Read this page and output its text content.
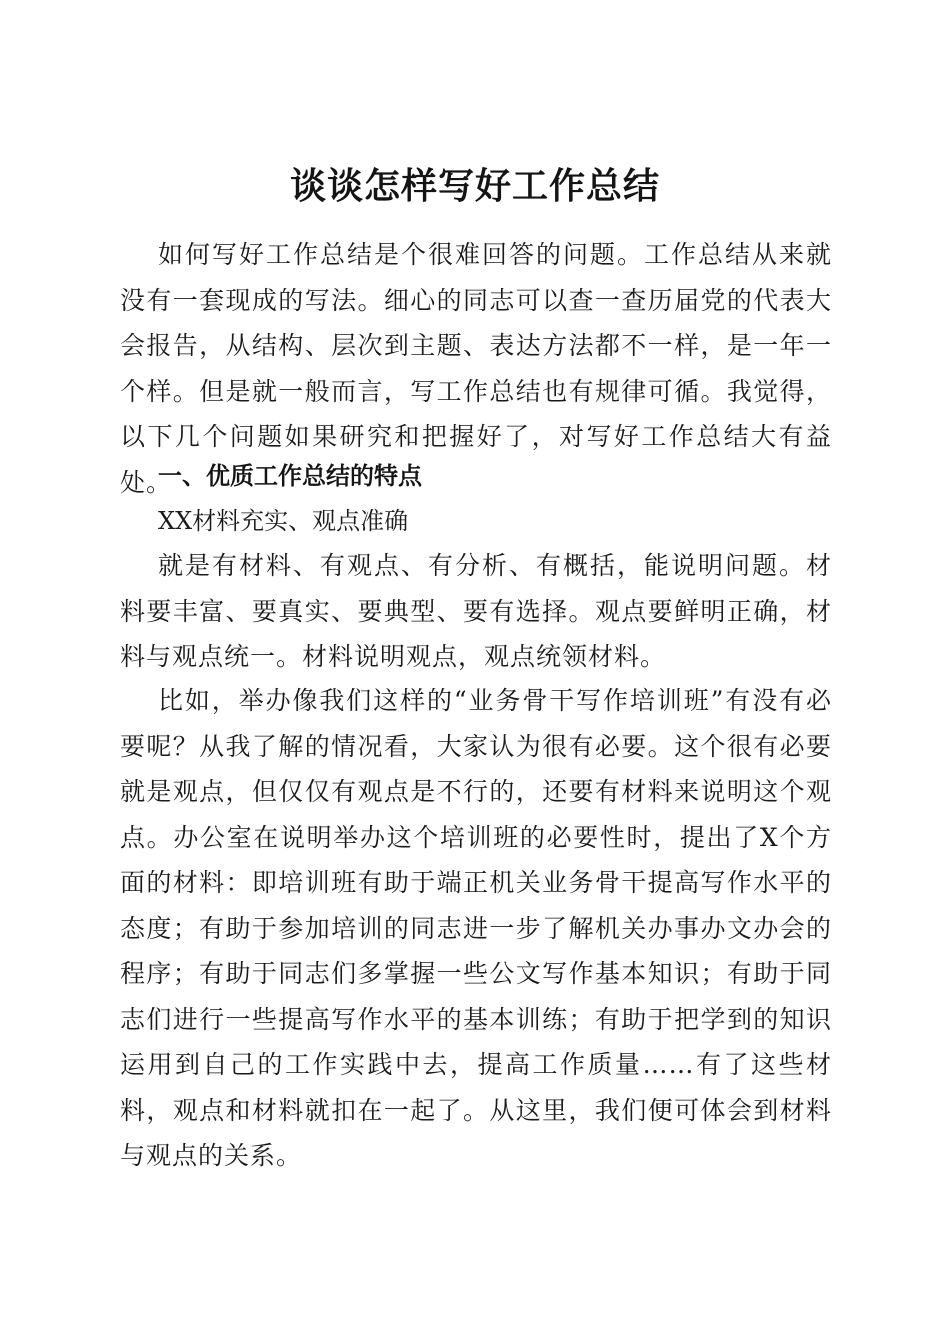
谈谈怎样写好工作总结

如何写好工作总结是个很难回答的问题。工作总结从来就没有一套现成的写法。细心的同志可以查一查历届党的代表大会报告，从结构、层次到主题、表达方法都不一样，是一年一个样。但是就一般而言，写工作总结也有规律可循。我觉得，以下几个问题如果研究和把握好了，对写好工作总结大有益处。

一、优质工作总结的特点

XX材料充实、观点准确

就是有材料、有观点、有分析、有概括，能说明问题。材料要丰富、要真实、要典型、要有选择。观点要鲜明正确，材料与观点统一。材料说明观点，观点统领材料。

比如，举办像我们这样的“业务骨干写作培训班”有没有必要呢？从我了解的情况看，大家认为很有必要。这个很有必要就是观点，但仅仅有观点是不行的，还要有材料来说明这个观点。办公室在说明举办这个培训班的必要性时，提出了X个方面的材料：即培训班有助于端正机关业务骨干提高写作水平的态度；有助于参加培训的同志进一步了解机关办事办文办会的程序；有助于同志们多掌握一些公文写作基本知识；有助于同志们进行一些提高写作水平的基本训练；有助于把学到的知识运用到自己的工作实践中去，提高工作质量……有了这些材料，观点和材料就扣在一起了。从这里，我们便可体会到材料与观点的关系。
